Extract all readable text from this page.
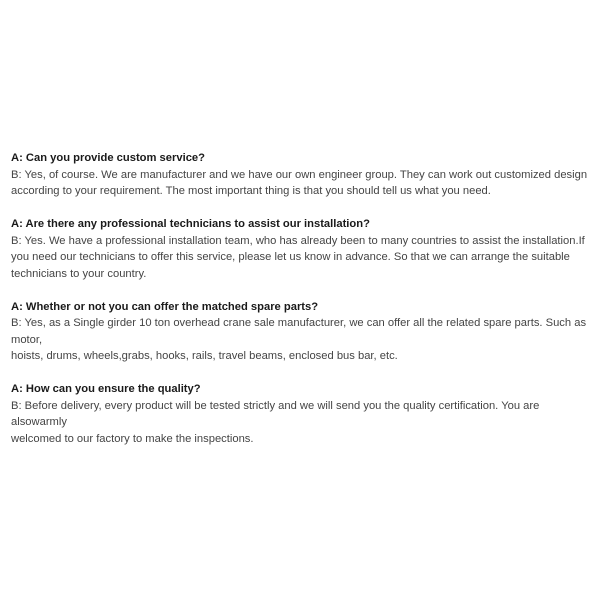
A: Can you provide custom service?
B: Yes, of course. We are manufacturer and we have our own engineer group. They can work out customized design
according to your requirement. The most important thing is that you should tell us what you need.
A: Are there any professional technicians to assist our installation?
B: Yes. We have a professional installation team, who has already been to many countries to assist the installation.If
you need our technicians to offer this service, please let us know in advance. So that we can arrange the suitable
technicians to your country.
A: Whether or not you can offer the matched spare parts?
B: Yes, as a Single girder 10 ton overhead crane sale manufacturer, we can offer all the related spare parts. Such as
motor,
hoists, drums, wheels,grabs, hooks, rails, travel beams, enclosed bus bar, etc.
A: How can you ensure the quality?
B: Before delivery, every product will be tested strictly and we will send you the quality certification. You are
alsowarmly
welcomed to our factory to make the inspections.
